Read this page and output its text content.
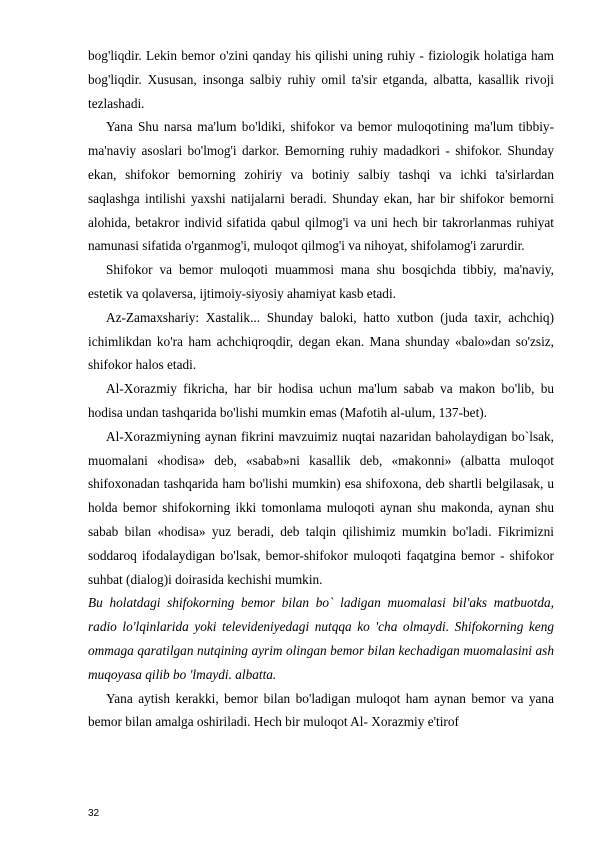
bog'liqdir. Lekin bemor o'zini qanday his qilishi uning ruhiy - fiziologik holatiga ham bog'liqdir. Xususan, insonga salbiy ruhiy omil ta'sir etganda, albatta, kasallik rivoji tezlashadi.

Yana Shu narsa ma'lum bo'ldiki, shifokor va bemor muloqotining ma'lum tibbiy-ma'naviy asoslari bo'lmog'i darkor. Bemorning ruhiy madadkori - shifokor. Shunday ekan, shifokor bemorning zohiriy va botiniy salbiy tashqi va ichki ta'sirlardan saqlashga intilishi yaxshi natijalarni beradi. Shunday ekan, har bir shifokor bemorni alohida, betakror individ sifatida qabul qilmog'i va uni hech bir takrorlanmas ruhiyat namunasi sifatida o'rganmog'i, muloqot qilmog'i va nihoyat, shifolamog'i zarurdir.

Shifokor va bemor muloqoti muammosi mana shu bosqichda tibbiy, ma'naviy, estetik va qolaversa, ijtimoiy-siyosiy ahamiyat kasb etadi.

Az-Zamaxshariy: Xastalik... Shunday baloki, hatto xutbon (juda taxir, achchiq) ichimlikdan ko'ra ham achchiqroqdir, degan ekan. Mana shunday «balo»dan so'zsiz, shifokor halos etadi.

Al-Xorazmiy fikricha, har bir hodisa uchun ma'lum sabab va makon bo'lib, bu hodisa undan tashqarida bo'lishi mumkin emas (Mafotih al-ulum, 137-bet).

Al-Xorazmiyning aynan fikrini mavzuimiz nuqtai nazaridan baholaydigan bo`lsak, muomalani «hodisa» deb, «sabab»ni kasallik deb, «makonni» (albatta muloqot shifoxonadan tashqarida ham bo'lishi mumkin) esa shifoxona, deb shartli belgilasak, u holda bemor shifokorning ikki tomonlama muloqoti aynan shu makonda, aynan shu sabab bilan «hodisa» yuz beradi, deb talqin qilishimiz mumkin bo'ladi. Fikrimizni soddaroq ifodalaydigan bo'lsak, bemor-shifokor muloqoti faqatgina bemor - shifokor suhbat (dialog)i doirasida kechishi mumkin.

Bu holatdagi shifokorning bemor bilan bo` ladigan muomalasi bil'aks matbuotda, radio lo'lqinlarida yoki televideniyedagi nutqqa ko 'cha olmaydi. Shifokorning keng ommaga qaratilgan nutqining ayrim olingan bemor bilan kechadigan muomalasini ash muqoyasa qilib bo 'lmaydi. albatta.

Yana aytish kerakki, bemor bilan bo'ladigan muloqot ham aynan bemor va yana bemor bilan amalga oshiriladi. Hech bir muloqot Al- Xorazmiy e'tirof

32
